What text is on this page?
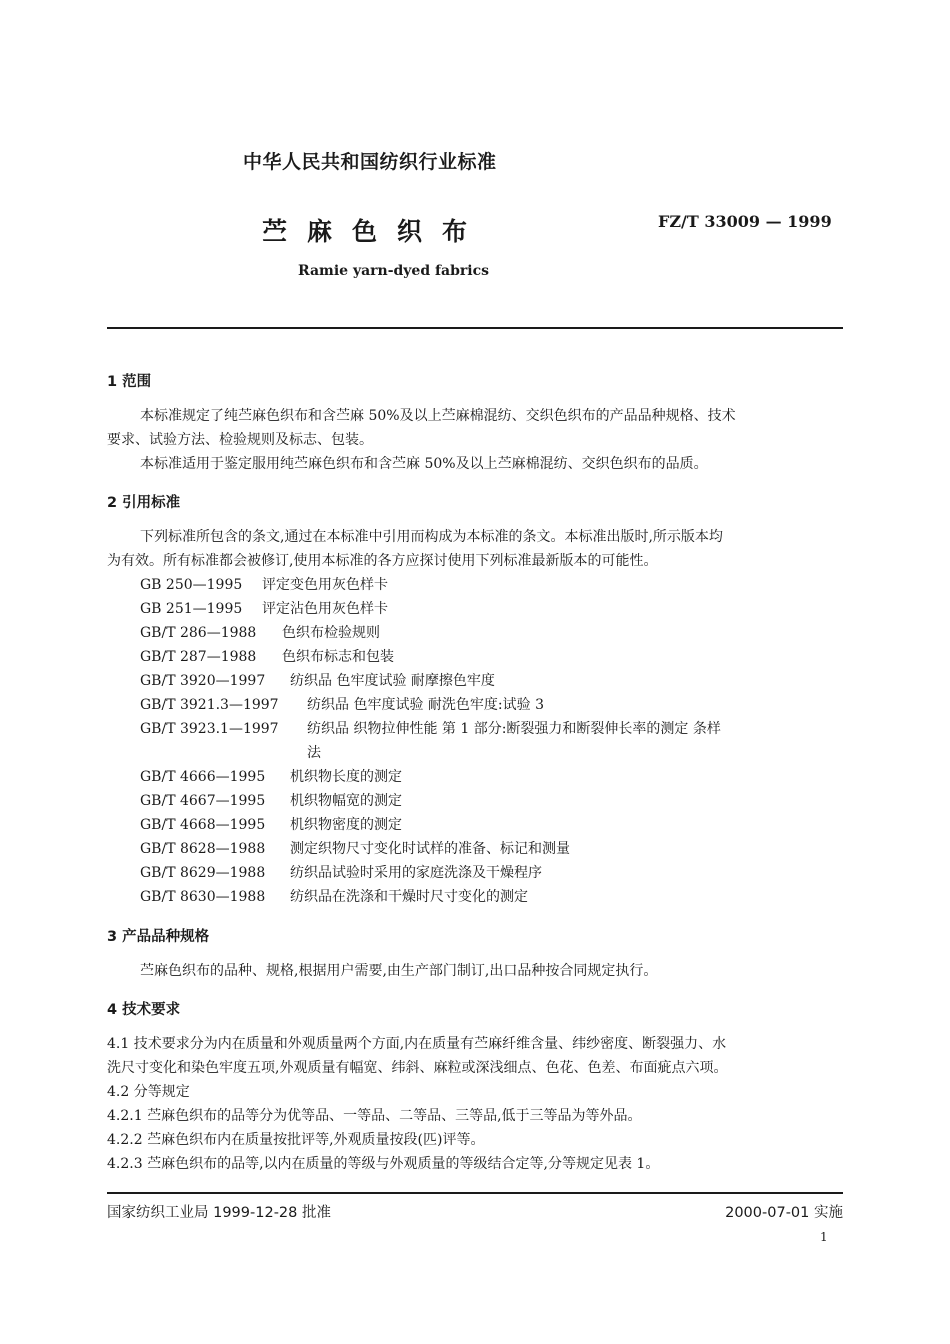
中华人民共和国纺织行业标准
苎麻色织布	FZ/T 33009 — 1999
Ramie yarn-dyed fabrics
1 范围
本标准规定了纯苎麻色织布和含苎麻 50%及以上苎麻棉混纺、交织色织布的产品品种规格、技术
要求、试验方法、检验规则及标志、包装。
本标准适用于鉴定服用纯苎麻色织布和含苎麻 50%及以上苎麻棉混纺、交织色织布的品质。
2 引用标准
下列标准所包含的条文,通过在本标准中引用而构成为本标准的条文。本标准出版时,所示版本均
为有效。所有标准都会被修订,使用本标准的各方应探讨使用下列标准最新版本的可能性。
GB 250—1995 评定变色用灰色样卡
GB 251—1995 评定沾色用灰色样卡
GB/T 286—1988 色织布检验规则
GB/T 287—1988 色织布标志和包装
GB/T 3920—1997 纺织品 色牢度试验 耐摩擦色牢度
GB/T 3921.3—1997 纺织品 色牢度试验 耐洗色牢度:试验 3
GB/T 3923.1—1997 纺织品 织物拉伸性能 第 1 部分:断裂强力和断裂伸长率的测定 条样
法
GB/T 4666—1995 机织物长度的测定
GB/T 4667—1995 机织物幅宽的测定
GB/T 4668—1995 机织物密度的测定
GB/T 8628—1988 测定织物尺寸变化时试样的准备、标记和测量
GB/T 8629—1988 纺织品试验时采用的家庭洗涤及干燥程序
GB/T 8630—1988 纺织品在洗涤和干燥时尺寸变化的测定
3 产品品种规格
苎麻色织布的品种、规格,根据用户需要,由生产部门制订,出口品种按合同规定执行。
4 技术要求
4.1 技术要求分为内在质量和外观质量两个方面,内在质量有苎麻纤维含量、纬纱密度、断裂强力、水
洗尺寸变化和染色牢度五项,外观质量有幅宽、纬斜、麻粒或深浅细点、色花、色差、布面疵点六项。
4.2 分等规定
4.2.1 苎麻色织布的品等分为优等品、一等品、二等品、三等品,低于三等品为等外品。
4.2.2 苎麻色织布内在质量按批评等,外观质量按段(匹)评等。
4.2.3 苎麻色织布的品等,以内在质量的等级与外观质量的等级结合定等,分等规定见表 1。
国家纺织工业局 1999-12-28 批准	2000-07-01 实施
1
